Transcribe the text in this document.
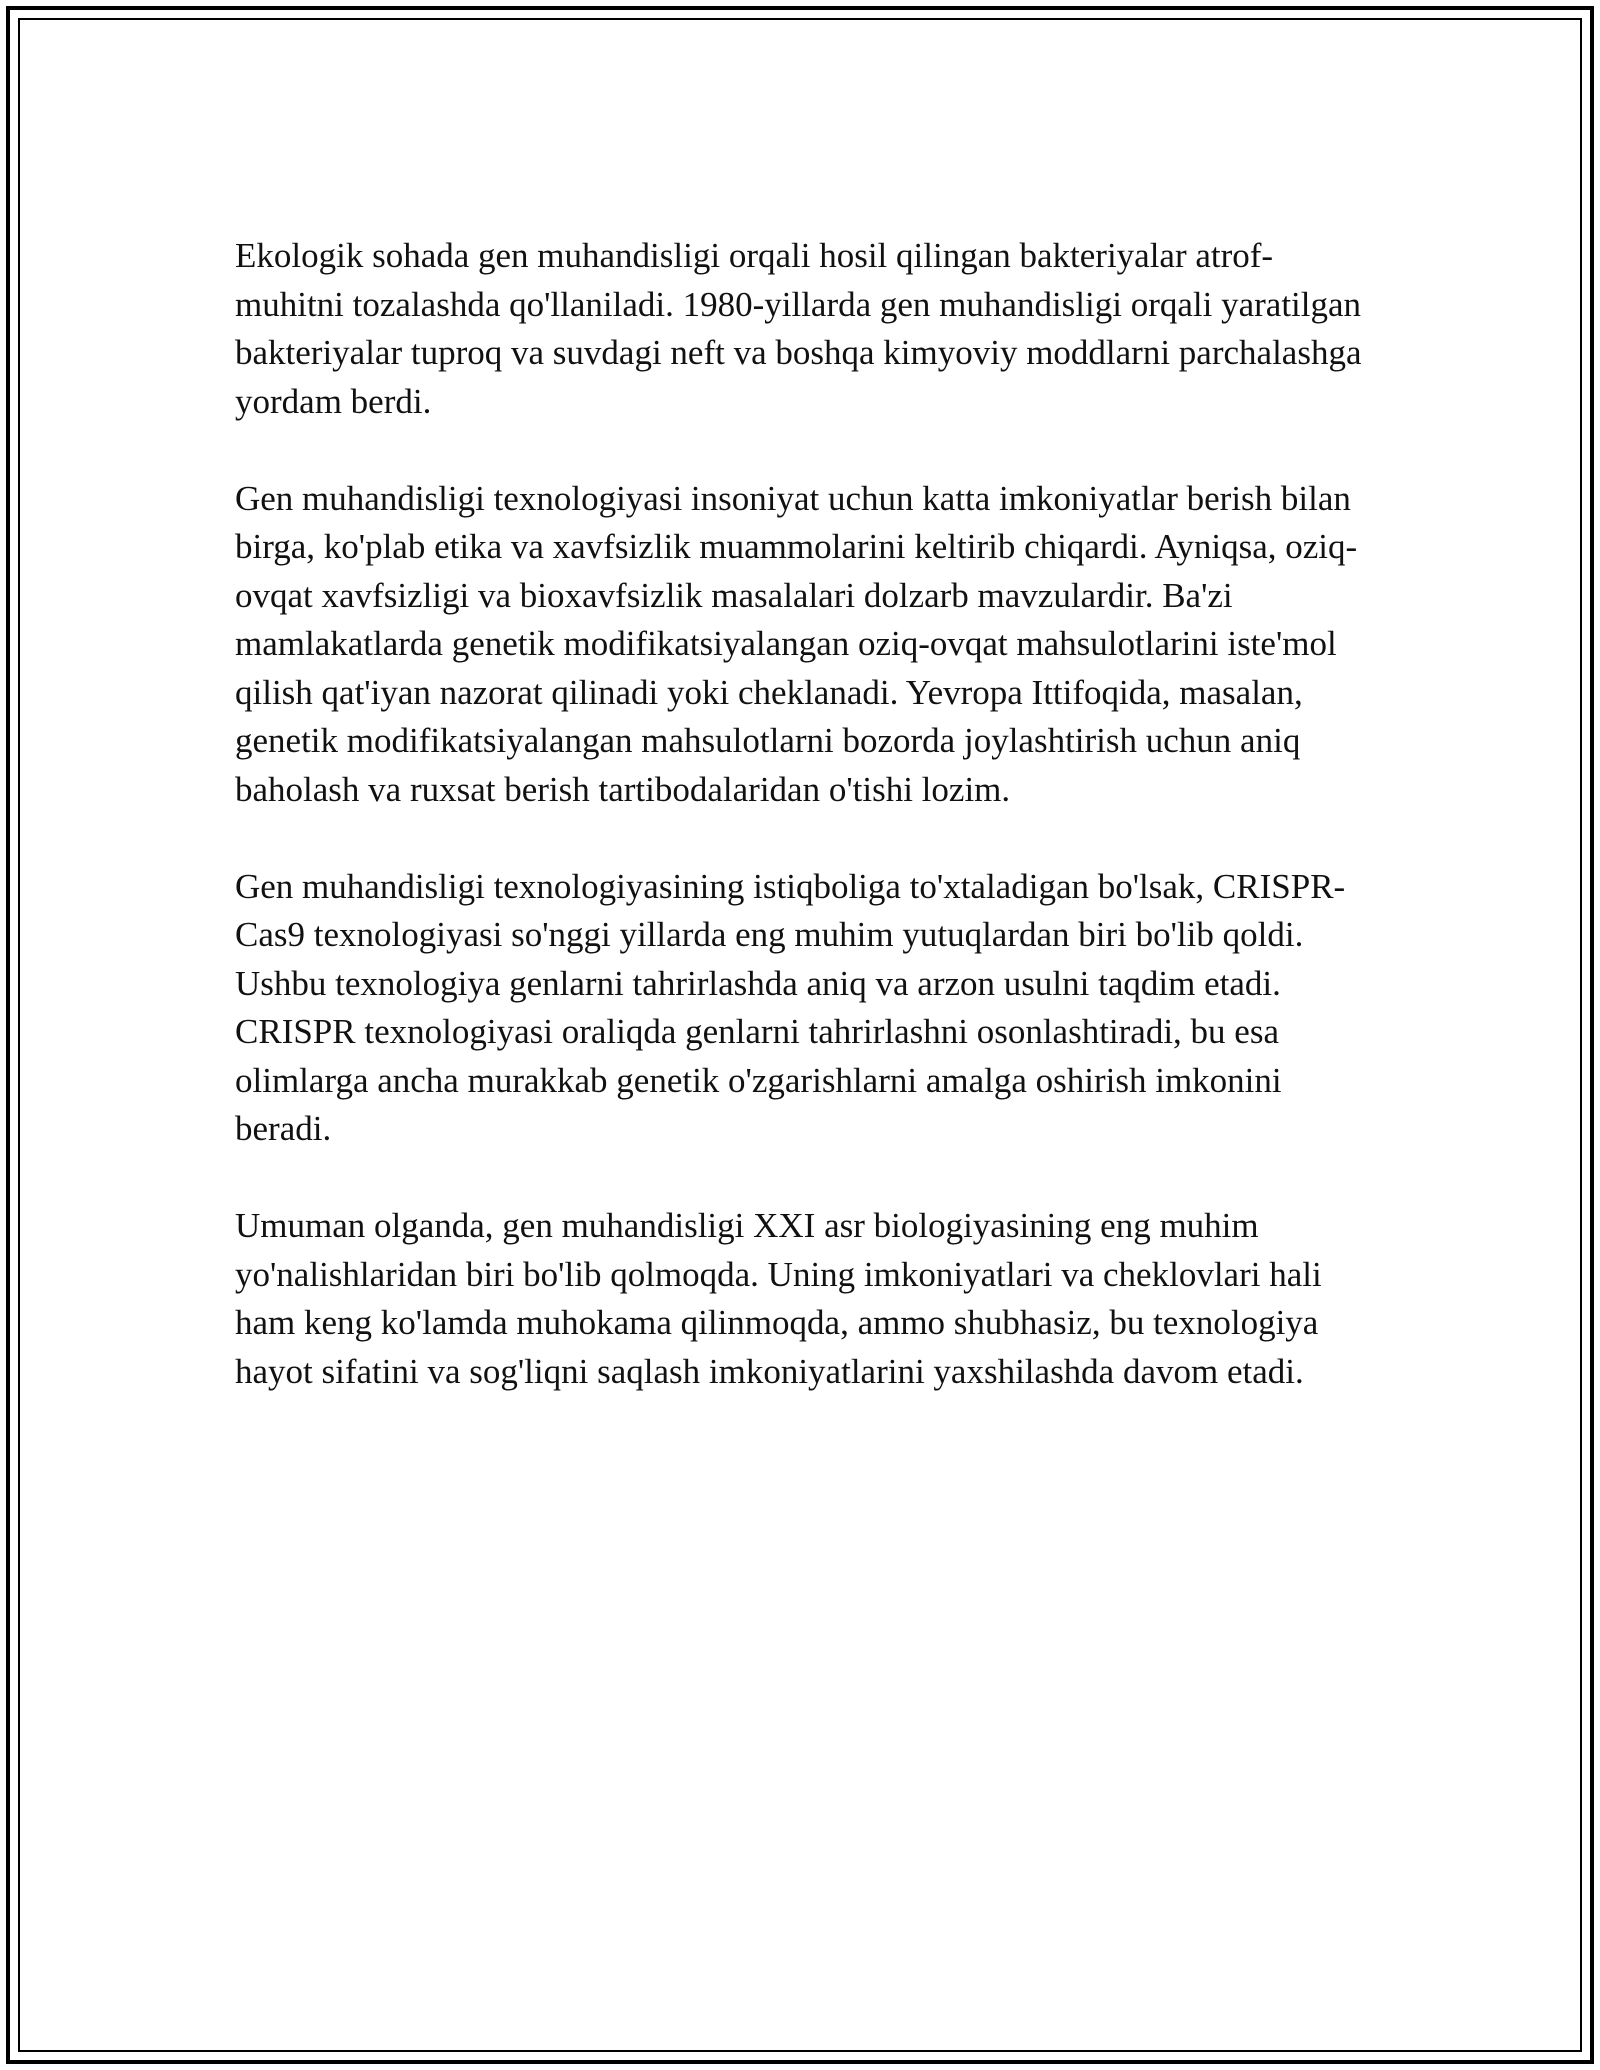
Ekologik sohada gen muhandisligi orqali hosil qilingan bakteriyalar atrof-muhitni tozalashda qo'llaniladi. 1980-yillarda gen muhandisligi orqali yaratilgan bakteriyalar tuproq va suvdagi neft va boshqa kimyoviy moddlarni parchalashga yordam berdi.

Gen muhandisligi texnologiyasi insoniyat uchun katta imkoniyatlar berish bilan birga, ko'plab etika va xavfsizlik muammolarini keltirib chiqardi. Ayniqsa, oziq-ovqat xavfsizligi va bioxavfsizlik masalalari dolzarb mavzulardir. Ba'zi mamlakatlarda genetik modifikatsiyalangan oziq-ovqat mahsulotlarini iste'mol qilish qat'iyan nazorat qilinadi yoki cheklanadi. Yevropa Ittifoqida, masalan, genetik modifikatsiyalangan mahsulotlarni bozorda joylashtirish uchun aniq baholash va ruxsat berish tartibodalaridan o'tishi lozim.

Gen muhandisligi texnologiyasining istiqboliga to'xtaladigan bo'lsak, CRISPR-Cas9 texnologiyasi so'nggi yillarda eng muhim yutuqlardan biri bo'lib qoldi. Ushbu texnologiya genlarni tahrirlashda aniq va arzon usulni taqdim etadi. CRISPR texnologiyasi oraliqda genlarni tahrirlashni osonlashtiradi, bu esa olimlarga ancha murakkab genetik o'zgarishlarni amalga oshirish imkonini beradi.

Umuman olganda, gen muhandisligi XXI asr biologiyasining eng muhim yo'nalishlaridan biri bo'lib qolmoqda. Uning imkoniyatlari va cheklovlari hali ham keng ko'lamda muhokama qilinmoqda, ammo shubhasiz, bu texnologiya hayot sifatini va sog'liqni saqlash imkoniyatlarini yaxshilashda davom etadi.
